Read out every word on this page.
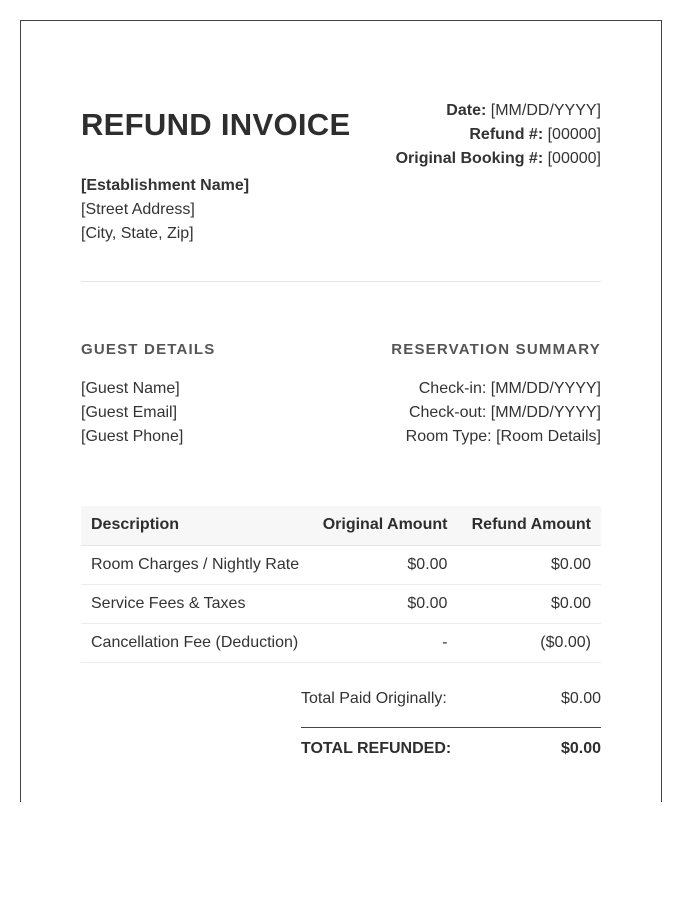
REFUND INVOICE	Date: [MM/DD/YYYY]
Refund #: [00000]
Original Booking #: [00000]
[Establishment Name]
[Street Address]
[City, State, Zip]
GUEST DETAILS
[Guest Name]
[Guest Email]
[Guest Phone]
RESERVATION SUMMARY
Check-in: [MM/DD/YYYY]
Check-out: [MM/DD/YYYY]
Room Type: [Room Details]
Description	Original Amount	Refund Amount
Room Charges / Nightly Rate	$0.00	$0.00
Service Fees & Taxes	$0.00	$0.00
Cancellation Fee (Deduction)	-	($0.00)
Total Paid Originally:	$0.00
TOTAL REFUNDED:	$0.00
